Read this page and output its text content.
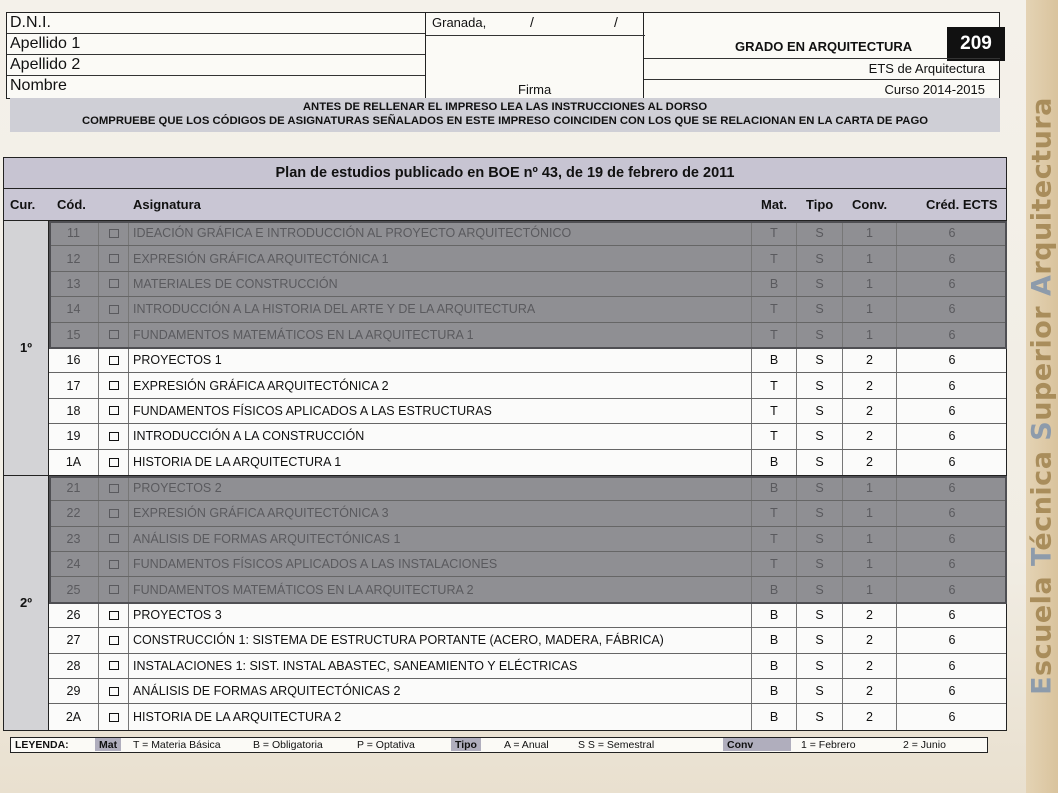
D.N.I.
Apellido 1
Apellido 2
Nombre
Granada,	/	/
Firma
GRADO EN ARQUITECTURA	209
ETS de Arquitectura
Curso 2014-2015
ANTES DE RELLENAR EL IMPRESO LEA LAS INSTRUCCIONES AL DORSO
COMPRUEBE QUE LOS CÓDIGOS DE ASIGNATURAS SEÑALADOS EN ESTE IMPRESO COINCIDEN CON LOS QUE SE RELACIONAN EN LA CARTA DE PAGO
Plan de estudios publicado en BOE nº 43, de 19 de febrero de 2011
Cur. Cód.	Asignatura	Mat. Tipo Conv.	Créd. ECTS
1º
11	IDEACIÓN GRÁFICA E INTRODUCCIÓN AL PROYECTO ARQUITECTÓNICO	T	S	1	6
12	EXPRESIÓN GRÁFICA ARQUITECTÓNICA 1	T	S	1	6
13	MATERIALES DE CONSTRUCCIÓN	B	S	1	6
14	INTRODUCCIÓN A LA HISTORIA DEL ARTE Y DE LA ARQUITECTURA	T	S	1	6
15	FUNDAMENTOS MATEMÁTICOS EN LA ARQUITECTURA 1	T	S	1	6
16	PROYECTOS 1	B	S	2	6
17	EXPRESIÓN GRÁFICA ARQUITECTÓNICA 2	T	S	2	6
18	FUNDAMENTOS FÍSICOS APLICADOS A LAS ESTRUCTURAS	T	S	2	6
19	INTRODUCCIÓN A LA CONSTRUCCIÓN	T	S	2	6
1A	HISTORIA DE LA ARQUITECTURA 1	B	S	2	6
2º
21	PROYECTOS 2	B	S	1	6
22	EXPRESIÓN GRÁFICA ARQUITECTÓNICA 3	T	S	1	6
23	ANÁLISIS DE FORMAS ARQUITECTÓNICAS 1	T	S	1	6
24	FUNDAMENTOS FÍSICOS APLICADOS A LAS INSTALACIONES	T	S	1	6
25	FUNDAMENTOS MATEMÁTICOS EN LA ARQUITECTURA 2	B	S	1	6
26	PROYECTOS 3	B	S	2	6
27	CONSTRUCCIÓN 1: SISTEMA DE ESTRUCTURA PORTANTE (ACERO, MADERA, FÁBRICA)	B	S	2	6
28	INSTALACIONES 1: SIST. INSTAL ABASTEC, SANEAMIENTO Y ELÉCTRICAS	B	S	2	6
29	ANÁLISIS DE FORMAS ARQUITECTÓNICAS 2	B	S	2	6
2A	HISTORIA DE LA ARQUITECTURA 2	B	S	2	6
LEYENDA:	Mat	T = Materia Básica	B = Obligatoria	P = Optativa	Tipo	A = Anual	S S = Semestral	Conv	1 = Febrero	2 = Junio
Escuela Técnica Superior Arquitectura
